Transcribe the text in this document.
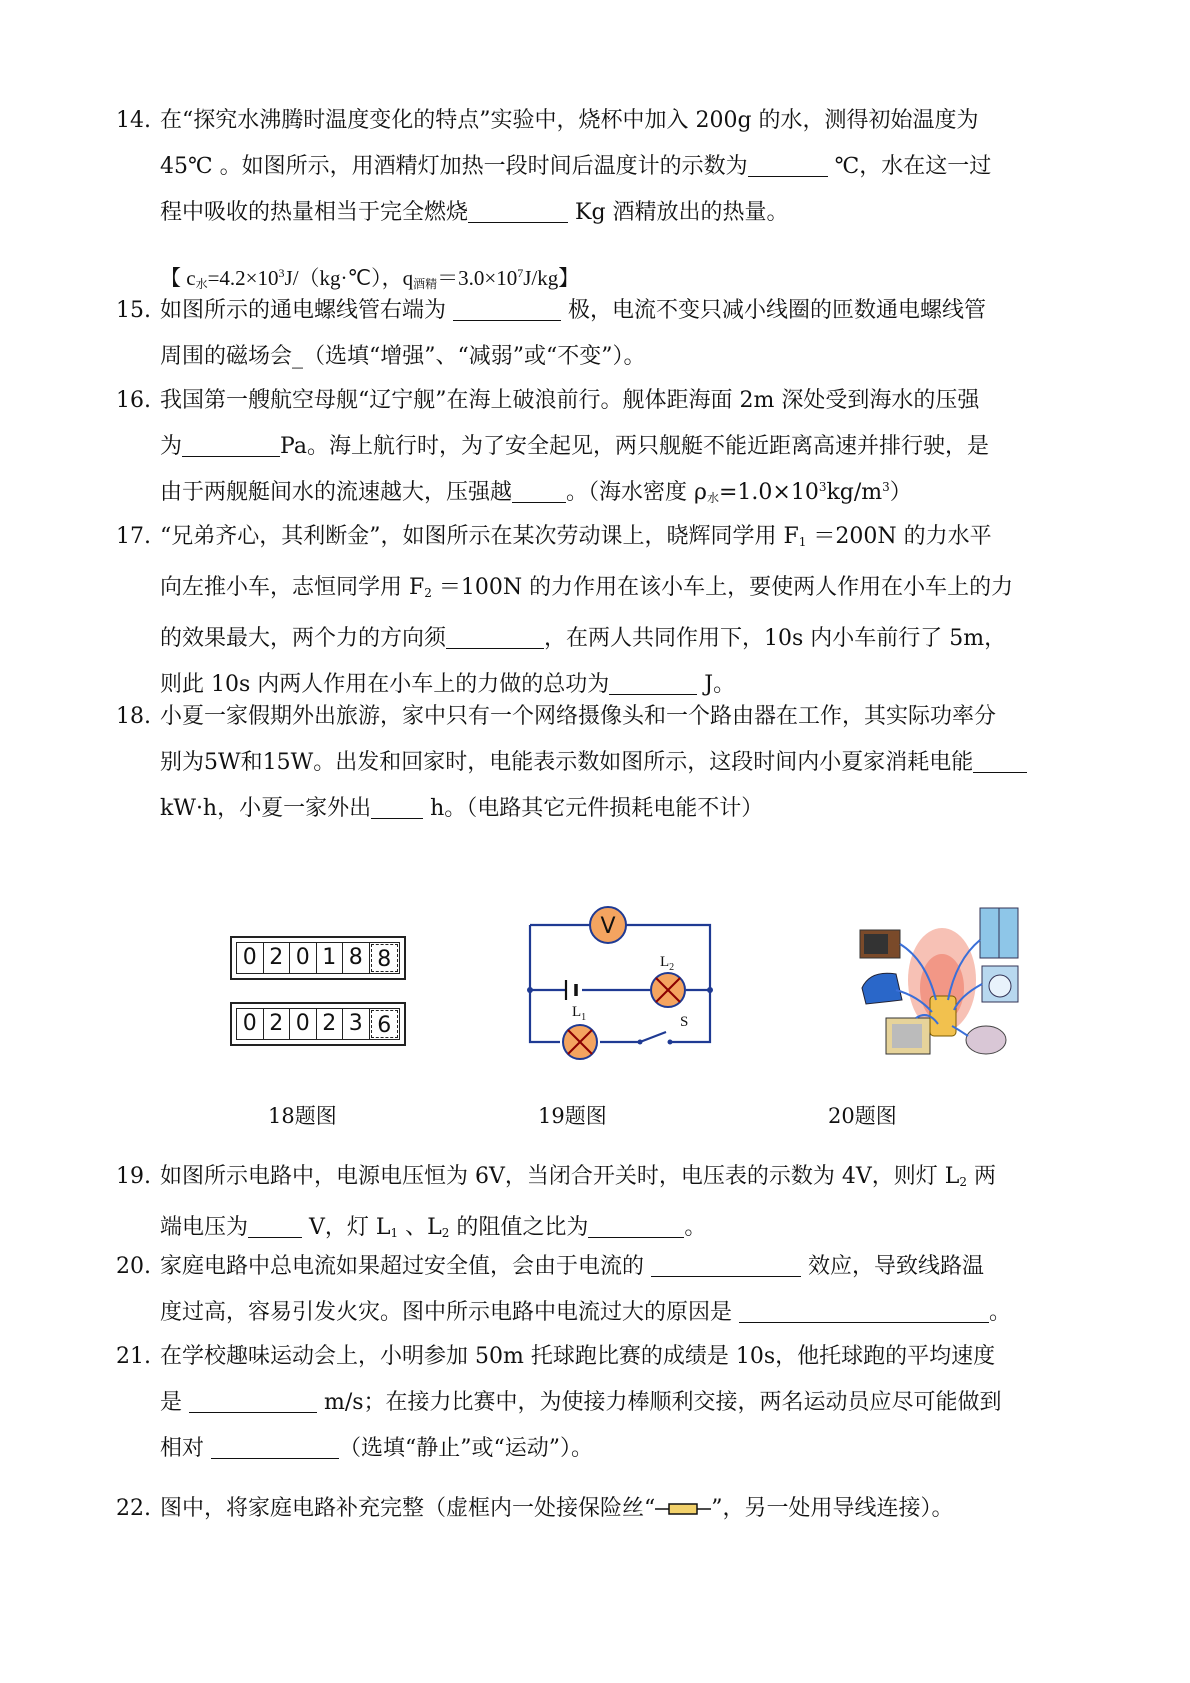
14. 在“探究水沸腾时温度变化的特点”实验中，烧杯中加入 200g 的水，测得初始温度为
45℃ 。如图所示，用酒精灯加热一段时间后温度计的示数为	℃，水在这一过
程中吸收的热量相当于完全燃烧	Kg 酒精放出的热量。
【 $c_水=4.2\times 10^3J/(kg\cdot℃)$，$q_{酒精}=3.0\times 10^7J/kg$】
15. 如图所示的通电螺线管右端为	极，电流不变只减小线圈的匝数通电螺线管
周围的磁场会_（选填“增强”、“减弱”或“不变”）。
16. 我国第一艘航空母舰“辽宁舰”在海上破浪前行。舰体距海面 2m 深处受到海水的压强
为	Pa。海上航行时，为了安全起见，两只舰艇不能近距离高速并排行驶，是
由于两舰艇间水的流速越大，压强越 。（海水密度 $\rho_水=1.0\times 10^3kg/m^3$）
17. “兄弟齐心，其利断金”，如图所示在某次劳动课上，晓辉同学用 $F_1 =200N$ 的力水平
向左推小车，志恒同学用 $F_2 =100N$ 的力作用在该小车上，要使两人作用在小车上的力
的效果最大，两个力的方向须	，在两人共同作用下，10s 内小车前行了 5m，
则此 10s 内两人作用在小车上的力做的总功为	J。
18. 小夏一家假期外出旅游，家中只有一个网络摄像头和一个路由器在工作，其实际功率分
别为5W和15W。出发和回家时，电能表示数如图所示，这段时间内小夏家消耗电能
kW·h，小夏一家外出 h。（电路其它元件损耗电能不计）
0 2 0 1 8 8
0 2 0 2 3 6
V
$L_2$
$L_1$	S
18题图	19题图	20题图
19. 如图所示电路中，电源电压恒为 6V，当闭合开关时，电压表的示数为 4V，则灯 $L_2$ 两
端电压为 V，灯 $L_1$ 、$L_2$ 的阻值之比为	。
20. 家庭电路中总电流如果超过安全值，会由于电流的	效应，导致线路温
度过高，容易引发火灾。图中所示电路中电流过大的原因是	。
21. 在学校趣味运动会上，小明参加 50m 托球跑比赛的成绩是 10s，他托球跑的平均速度
是	m/s；在接力比赛中，为使接力棒顺利交接，两名运动员应尽可能做到
相对	（选填“静止”或“运动”）。
22. 图中，将家庭电路补充完整（虚框内一处接保险丝“	”，另一处用导线连接）。
